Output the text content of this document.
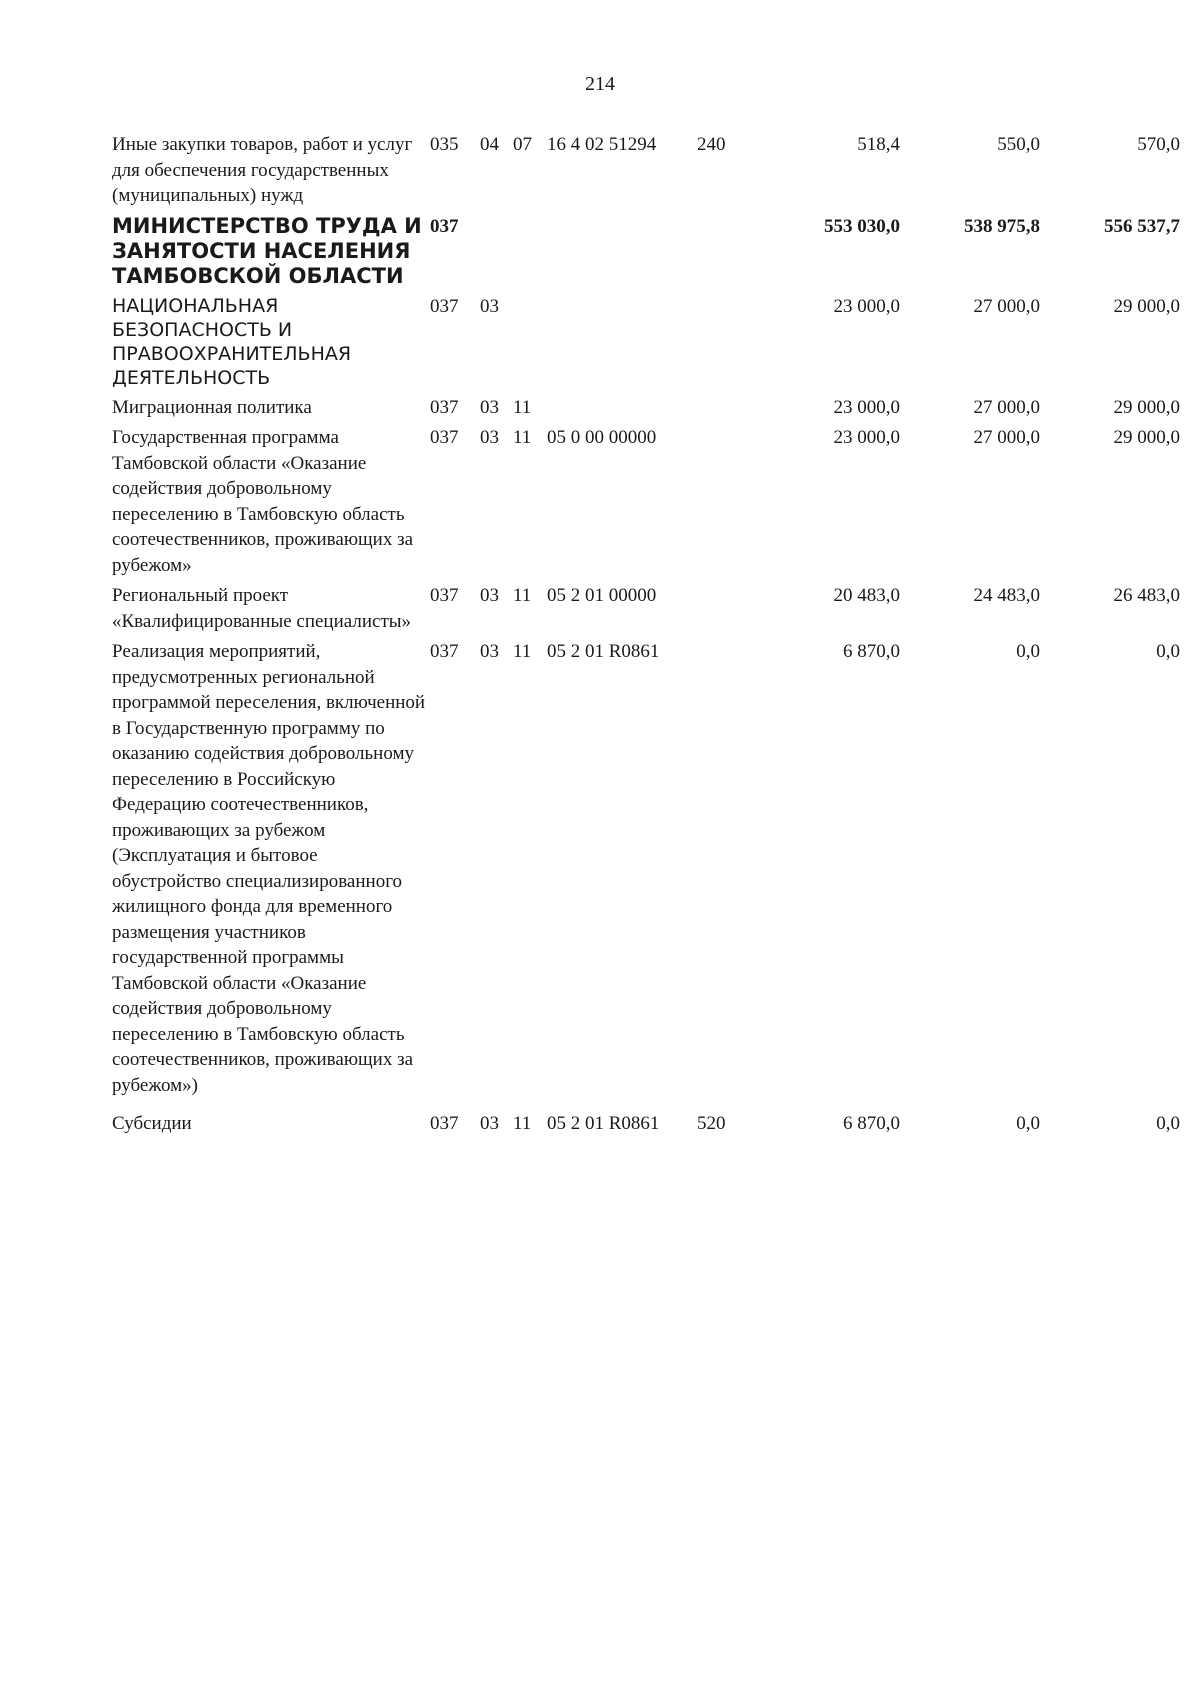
214
Иные закупки товаров, работ и услуг для обеспечения государственных (муниципальных) нужд	035	04	07	16 4 02 51294	240	518,4	550,0	570,0
МИНИСТЕРСТВО ТРУДА И ЗАНЯТОСТИ НАСЕЛЕНИЯ ТАМБОВСКОЙ ОБЛАСТИ	037					553 030,0	538 975,8	556 537,7
НАЦИОНАЛЬНАЯ БЕЗОПАСНОСТЬ И ПРАВООХРАНИТЕЛЬНАЯ ДЕЯТЕЛЬНОСТЬ	037	03				23 000,0	27 000,0	29 000,0
Миграционная политика	037	03	11			23 000,0	27 000,0	29 000,0
Государственная программа Тамбовской области «Оказание содействия добровольному переселению в Тамбовскую область соотечественников, проживающих за рубежом»	037	03	11	05 0 00 00000		23 000,0	27 000,0	29 000,0
Региональный проект «Квалифицированные специалисты»	037	03	11	05 2 01 00000		20 483,0	24 483,0	26 483,0
Реализация мероприятий, предусмотренных региональной программой переселения, включенной в Государственную программу по оказанию содействия добровольному переселению в Российскую Федерацию соотечественников, проживающих за рубежом (Эксплуатация и бытовое обустройство специализированного жилищного фонда для временного размещения участников государственной программы Тамбовской области «Оказание содействия добровольному переселению в Тамбовскую область соотечественников, проживающих за рубежом»)	037	03	11	05 2 01 R0861		6 870,0	0,0	0,0
Субсидии	037	03	11	05 2 01 R0861	520	6 870,0	0,0	0,0
